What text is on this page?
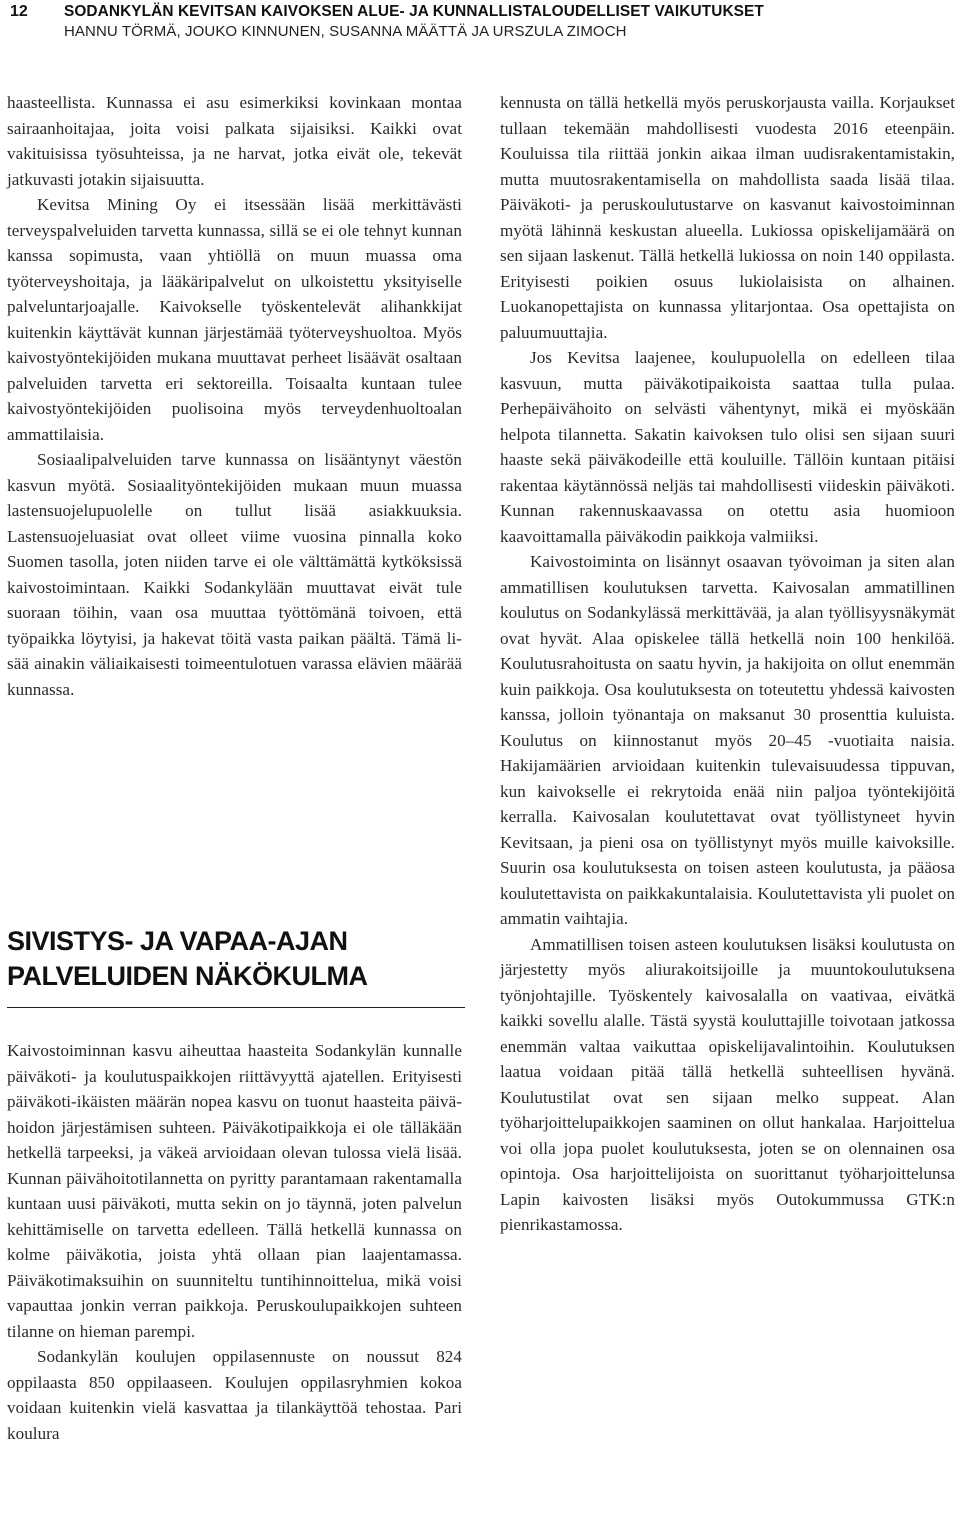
12 SODANKYLÄN KEVITSAN KAIVOKSEN ALUE- JA KUNNALLISTALOUDELLISET VAIKUTUKSET
HANNU TÖRMÄ, JOUKO KINNUNEN, SUSANNA MÄÄTTÄ JA URSZULA ZIMOCH

haasteellista. Kunnassa ei asu esimerkiksi kovinkaan montaa sairaanhoitajaa, joita voisi palkata sijaisiksi. Kaikki ovat vakituisissa työsuhteissa, ja ne harvat, jotka eivät ole, tekevät jatkuvasti jotakin sijaisuutta.

Kevitsa Mining Oy ei itsessään lisää merkittävästi terveyspalveluiden tarvetta kunnassa, sillä se ei ole tehnyt kunnan kanssa sopimusta, vaan yhtiöllä on muun muassa oma työterveyshoitaja, ja lääkäripalvelut on ulkoistettu yksityiselle palveluntarjoajalle. Kaivokselle työskentelevät alihankkijat kuitenkin käyttävät kunnan järjestämää työterveyshuoltoa. Myös kaivostyöntekijöiden mukana muuttavat perheet lisäävät osaltaan palveluiden tarvetta eri sektoreilla. Toisaalta kuntaan tulee kaivostyöntekijöiden puolisoina myös terveydenhuoltoalan ammattilaisia.

Sosiaalipalveluiden tarve kunnassa on lisääntynyt väestön kasvun myötä. Sosiaalityöntekijöiden mukaan muun muassa lastensuojelupuolelle on tullut lisää asiakkuuksia. Lastensuojeluasiat ovat olleet viime vuosina pinnalla koko Suomen tasolla, joten niiden tarve ei ole välttämättä kytköksissä kaivostoimintaan. Kaikki Sodankylään muuttavat eivät tule suoraan töihin, vaan osa muuttaa työttömänä toivoen, että työpaikka löytyisi, ja hakevat töitä vasta paikan päältä. Tämä lisää ainakin väliaikaisesti toimeentulotuen varassa elävien määrää kunnassa.

SIVISTYS- JA VAPAA-AJAN
PALVELUIDEN NÄKÖKULMA

Kaivostoiminnan kasvu aiheuttaa haasteita Sodankylän kunnalle päiväkoti- ja koulutuspaikkojen riittävyyttä ajatellen. Erityisesti päiväkoti-ikäisten määrän nopea kasvu on tuonut haasteita päivähoidon järjestämisen suhteen. Päiväkotipaikkoja ei ole tälläkään hetkellä tarpeeksi, ja väkeä arvioidaan olevan tulossa vielä lisää. Kunnan päivähoitotilannetta on pyritty parantamaan rakentamalla kuntaan uusi päiväkoti, mutta sekin on jo täynnä, joten palvelun kehittämiselle on tarvetta edelleen. Tällä hetkellä kunnassa on kolme päiväkotia, joista yhtä ollaan pian laajentamassa. Päiväkotimaksuihin on suunniteltu tuntihinnoittelua, mikä voisi vapauttaa jonkin verran paikkoja. Peruskoulupaikkojen suhteen tilanne on hieman parempi.

Sodankylän koulujen oppilasennuste on noussut 824 oppilaasta 850 oppilaaseen. Koulujen oppilasryhmien kokoa voidaan kuitenkin vielä kasvattaa ja tilankäyttöä tehostaa. Pari koulura

kennusta on tällä hetkellä myös peruskorjausta vailla. Korjaukset tullaan tekemään mahdollisesti vuodesta 2016 eteenpäin. Kouluissa tila riittää jonkin aikaa ilman uudisrakentamistakin, mutta muutosrakentamisella on mahdollista saada lisää tilaa. Päiväkoti- ja peruskoulutustarve on kasvanut kaivostoiminnan myötä lähinnä keskustan alueella. Lukiossa opiskelijamäärä on sen sijaan laskenut. Tällä hetkellä lukiossa on noin 140 oppilasta. Erityisesti poikien osuus lukiolaisista on alhainen. Luokanopettajista on kunnassa ylitarjontaa. Osa opettajista on paluumuuttajia.

Jos Kevitsa laajenee, koulupuolella on edelleen tilaa kasvuun, mutta päiväkotipaikoista saattaa tulla pulaa. Perhepäivähoito on selvästi vähentynyt, mikä ei myöskään helpota tilannetta. Sakatin kaivoksen tulo olisi sen sijaan suuri haaste sekä päiväkodeille että kouluille. Tällöin kuntaan pitäisi rakentaa käytännössä neljäs tai mahdollisesti viideskin päiväkoti. Kunnan rakennuskaavassa on otettu asia huomioon kaavoittamalla päiväkodin paikkoja valmiiksi.

Kaivostoiminta on lisännyt osaavan työvoiman ja siten alan ammatillisen koulutuksen tarvetta. Kaivosalan ammatillinen koulutus on Sodankylässä merkittävää, ja alan työllisyysnäkymät ovat hyvät. Alaa opiskelee tällä hetkellä noin 100 henkilöä. Koulutusrahoitusta on saatu hyvin, ja hakijoita on ollut enemmän kuin paikkoja. Osa koulutuksesta on toteutettu yhdessä kaivosten kanssa, jolloin työnantaja on maksanut 30 prosenttia kuluista. Koulutus on kiinnostanut myös 20–45 -vuotiaita naisia. Hakijamäärien arvioidaan kuitenkin tulevaisuudessa tippuvan, kun kaivokselle ei rekrytoida enää niin paljoa työntekijöitä kerralla. Kaivosalan koulutettavat ovat työllistyneet hyvin Kevitsaan, ja pieni osa on työllistynyt myös muille kaivoksille. Suurin osa koulutuksesta on toisen asteen koulutusta, ja pääosa koulutettavista on paikkakuntalaisia. Koulutettavista yli puolet on ammatin vaihtajia.

Ammatillisen toisen asteen koulutuksen lisäksi koulutusta on järjestetty myös aliurakoitsijoille ja muuntokoulutuksena työnjohtajille. Työskentely kaivosalalla on vaativaa, eivätkä kaikki sovellu alalle. Tästä syystä kouluttajille toivotaan jatkossa enemmän valtaa vaikuttaa opiskelijavalintoihin. Koulutuksen laatua voidaan pitää tällä hetkellä suhteellisen hyvänä. Koulutustilat ovat sen sijaan melko suppeat. Alan työharjoittelupaikkojen saaminen on ollut hankalaa. Harjoittelua voi olla jopa puolet koulutuksesta, joten se on olennainen osa opintoja. Osa harjoittelijoista on suorittanut työharjoittelunsa Lapin kaivosten lisäksi myös Outokummussa GTK:n pienrikastamossa.
